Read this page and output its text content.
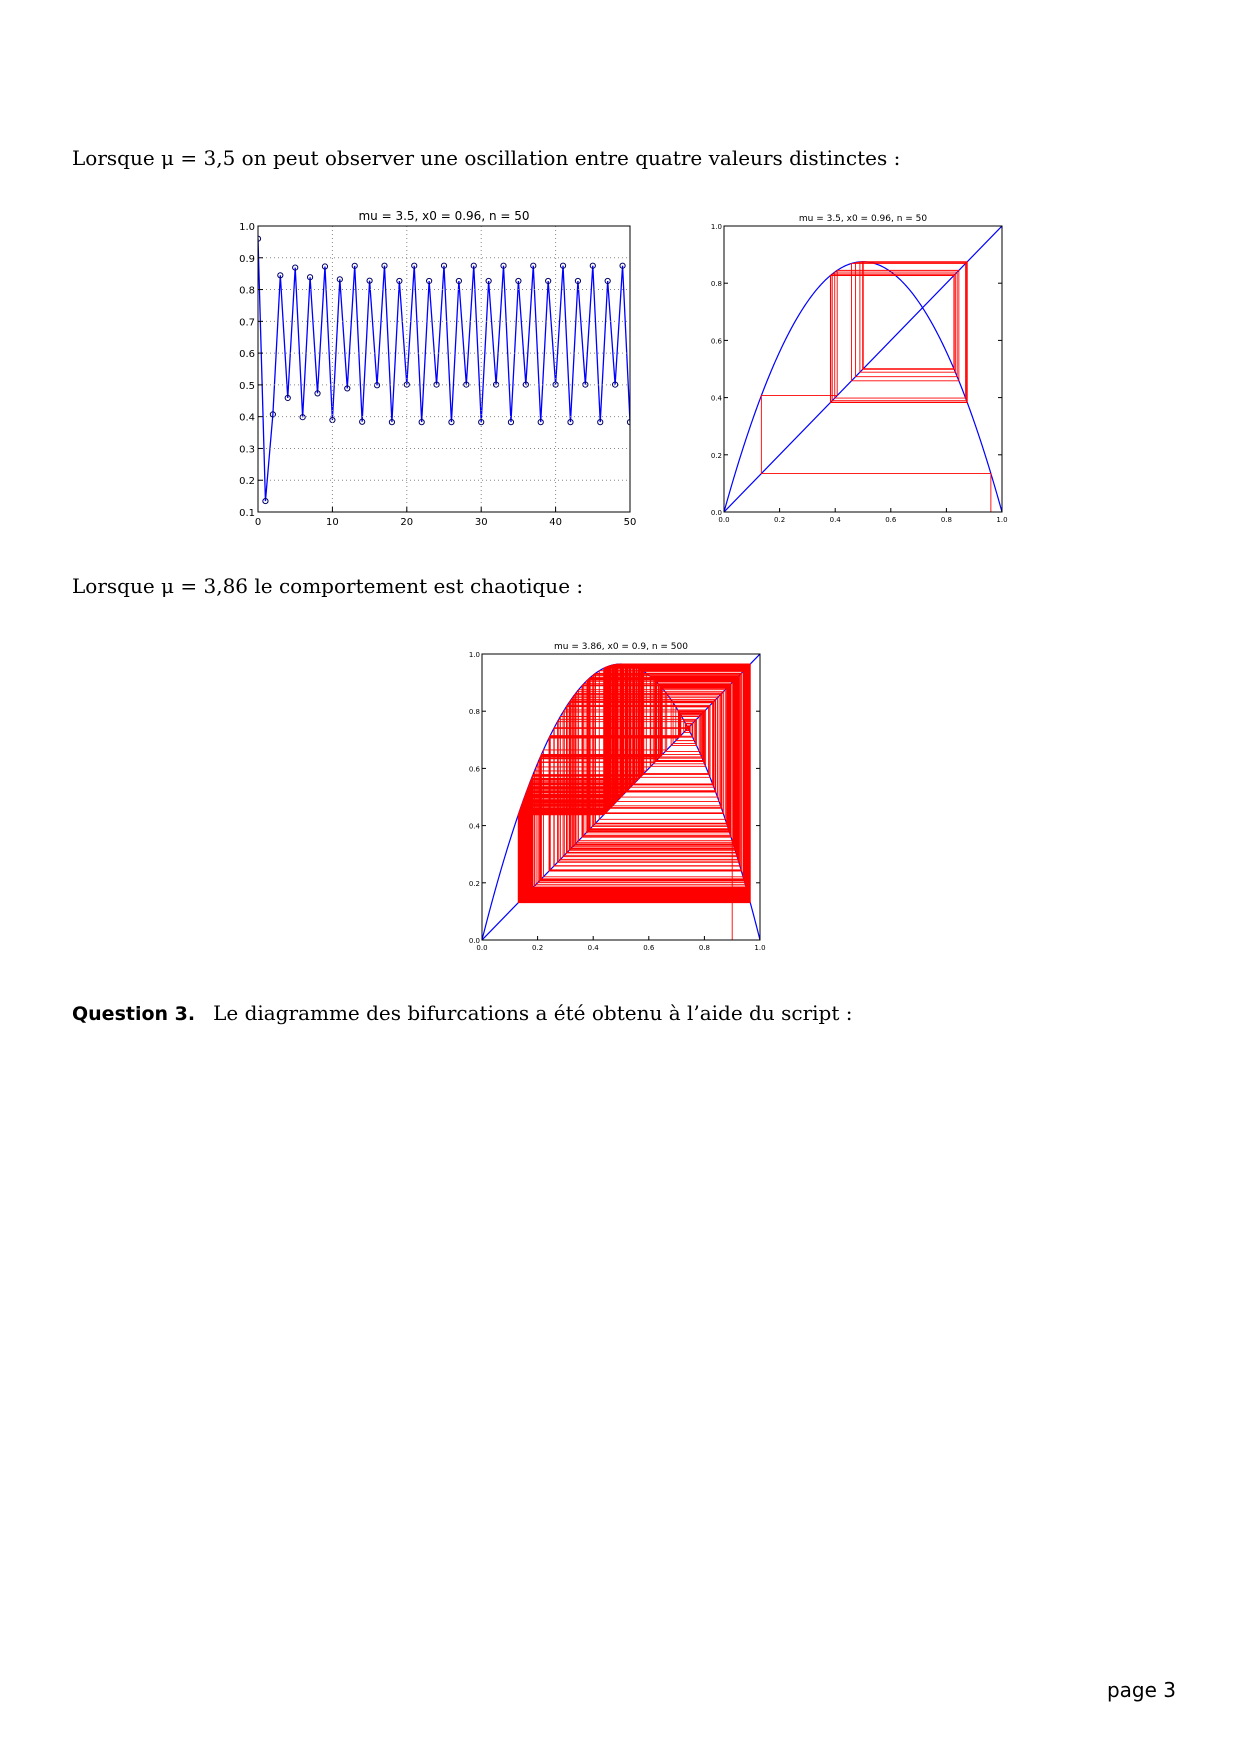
Lorsque μ = 3,5 on peut observer une oscillation entre quatre valeurs distinctes :
mu = 3.5, x0 = 0.96, n = 50
0	10	20	30	40	50
0.1
0.2
0.3
0.4
0.5
0.6
0.7
0.8
0.9
1.0
mu = 3.5, x0 = 0.96, n = 50
0.0	0.2	0.4	0.6	0.8	1.0
0.0
0.2
0.4
0.6
0.8
1.0
Lorsque μ = 3,86 le comportement est chaotique :
mu = 3.86, x0 = 0.9, n = 500
0.0	0.2	0.4	0.6	0.8	1.0
0.0
0.2
0.4
0.6
0.8
1.0
Question 3. Le diagramme des bifurcations a été obtenu à l’aide du script :
page 3
